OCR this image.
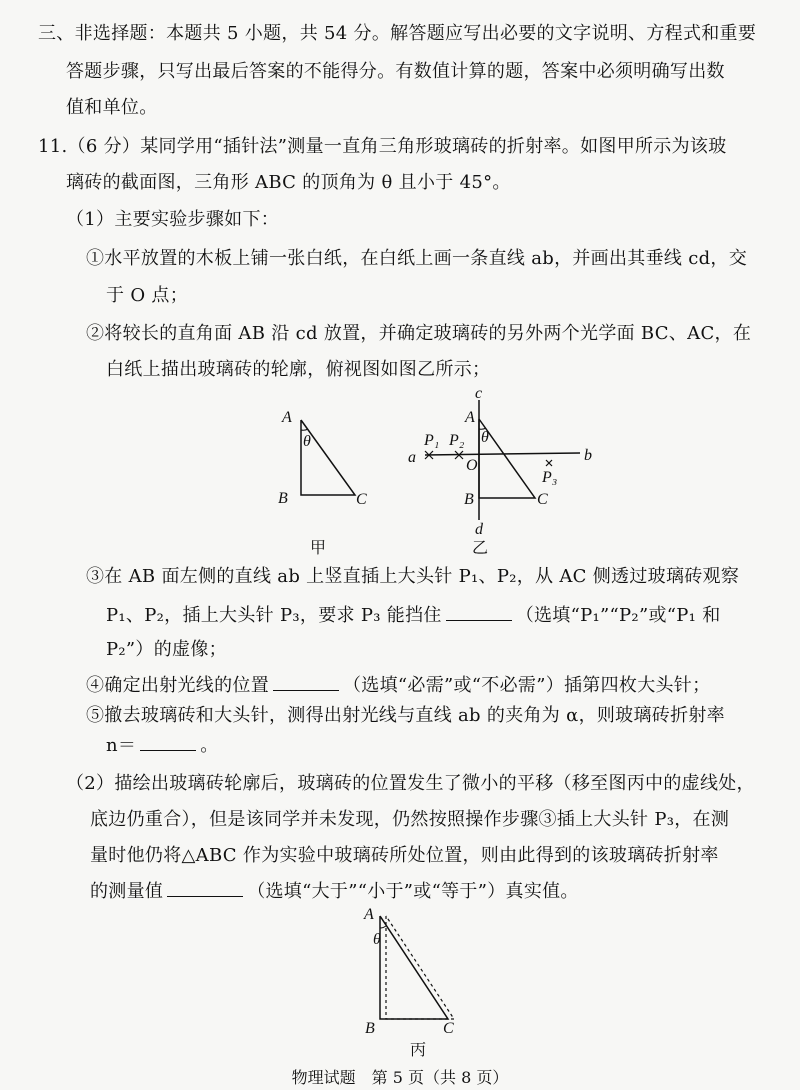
三、非选择题：本题共 5 小题，共 54 分。解答题应写出必要的文字说明、方程式和重要
答题步骤，只写出最后答案的不能得分。有数值计算的题，答案中必须明确写出数
值和单位。
11.（6 分）某同学用“插针法”测量一直角三角形玻璃砖的折射率。如图甲所示为该玻
璃砖的截面图，三角形 ABC 的顶角为 θ 且小于 45°。
（1）主要实验步骤如下：
①水平放置的木板上铺一张白纸，在白纸上画一条直线 ab，并画出其垂线 cd，交
于 O 点；
②将较长的直角面 AB 沿 cd 放置，并确定玻璃砖的另外两个光学面 BC、AC，在
白纸上描出玻璃砖的轮廓，俯视图如图乙所示；
A
θ
B	C
甲
c
A
θ
P₁ P₂
a	O
b
P₃
B	C
d
乙
③在 AB 面左侧的直线 ab 上竖直插上大头针 P₁、P₂，从 AC 侧透过玻璃砖观察
P₁、P₂，插上大头针 P₃，要求 P₃ 能挡住	（选填“P₁”“P₂”或“P₁ 和
P₂”）的虚像；
④确定出射光线的位置	（选填“必需”或“不必需”）插第四枚大头针；
⑤撤去玻璃砖和大头针，测得出射光线与直线 ab 的夹角为 α，则玻璃砖折射率
n＝	。
（2）描绘出玻璃砖轮廓后，玻璃砖的位置发生了微小的平移（移至图丙中的虚线处，
底边仍重合），但是该同学并未发现，仍然按照操作步骤③插上大头针 P₃，在测
量时他仍将△ABC 作为实验中玻璃砖所处位置，则由此得到的该玻璃砖折射率
的测量值	（选填“大于”“小于”或“等于”）真实值。
A
θ
B	C
丙
物理试题　第 5 页（共 8 页）
